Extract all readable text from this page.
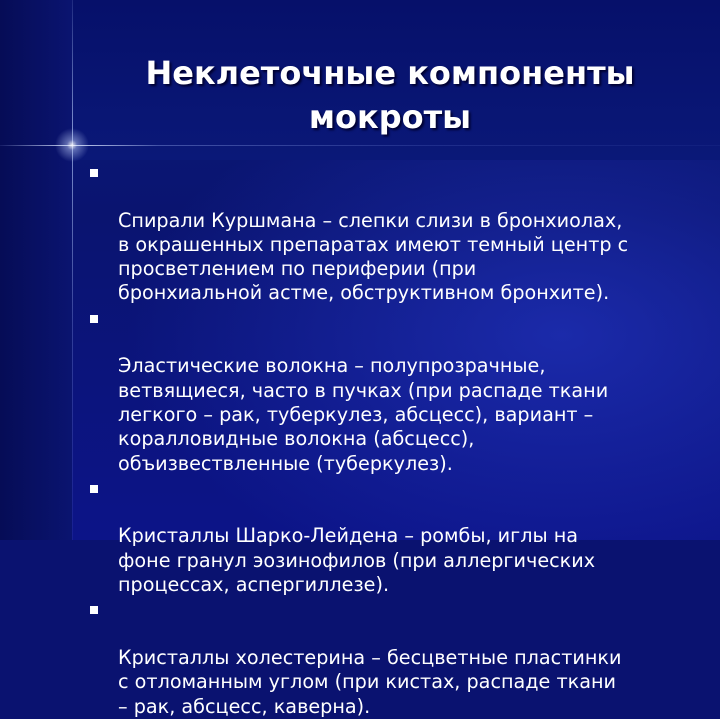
Неклеточные компоненты
мокроты

Спирали Куршмана – слепки слизи в бронхиолах,
в окрашенных препаратах имеют темный центр с
просветлением по периферии (при
бронхиальной астме, обструктивном бронхите).

Эластические волокна – полупрозрачные,
ветвящиеся, часто в пучках (при распаде ткани
легкого – рак, туберкулез, абсцесс), вариант –
коралловидные волокна (абсцесс),
объизвествленные (туберкулез).

Кристаллы Шарко-Лейдена – ромбы, иглы на
фоне гранул эозинофилов (при аллергических
процессах, аспергиллезе).

Кристаллы холестерина – бесцветные пластинки
с отломанным углом (при кистах, распаде ткани
– рак, абсцесс, каверна).
